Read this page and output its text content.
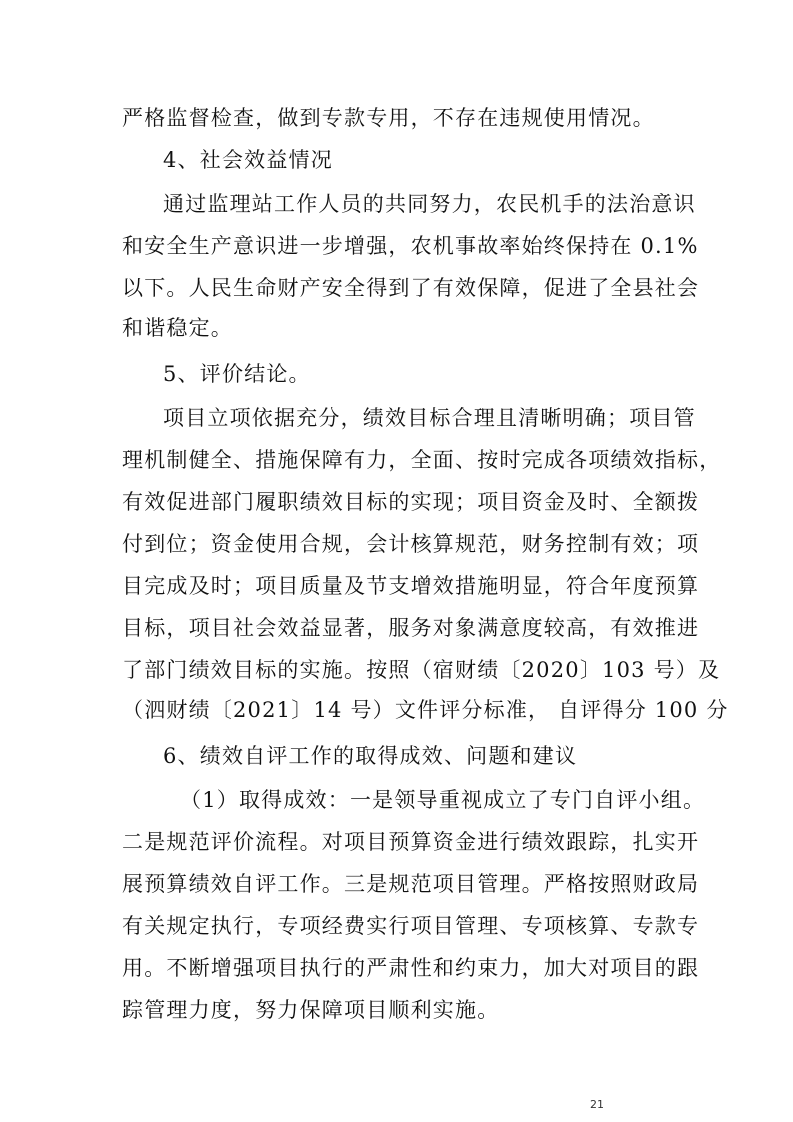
严格监督检查，做到专款专用，不存在违规使用情况。
4、社会效益情况
通过监理站工作人员的共同努力，农民机手的法治意识
和安全生产意识进一步增强，农机事故率始终保持在 0.1%
以下。人民生命财产安全得到了有效保障，促进了全县社会
和谐稳定。
5、评价结论。
项目立项依据充分，绩效目标合理且清晰明确；项目管
理机制健全、措施保障有力，全面、按时完成各项绩效指标，
有效促进部门履职绩效目标的实现；项目资金及时、全额拨
付到位；资金使用合规，会计核算规范，财务控制有效；项
目完成及时；项目质量及节支增效措施明显，符合年度预算
目标，项目社会效益显著，服务对象满意度较高，有效推进
了部门绩效目标的实施。按照（宿财绩〔2020〕103 号）及
（泗财绩〔2021〕14 号）文件评分标准， 自评得分 100 分
6、绩效自评工作的取得成效、问题和建议
（1）取得成效：一是领导重视成立了专门自评小组。
二是规范评价流程。对项目预算资金进行绩效跟踪，扎实开
展预算绩效自评工作。三是规范项目管理。严格按照财政局
有关规定执行，专项经费实行项目管理、专项核算、专款专
用。不断增强项目执行的严肃性和约束力，加大对项目的跟
踪管理力度，努力保障项目顺利实施。
21
